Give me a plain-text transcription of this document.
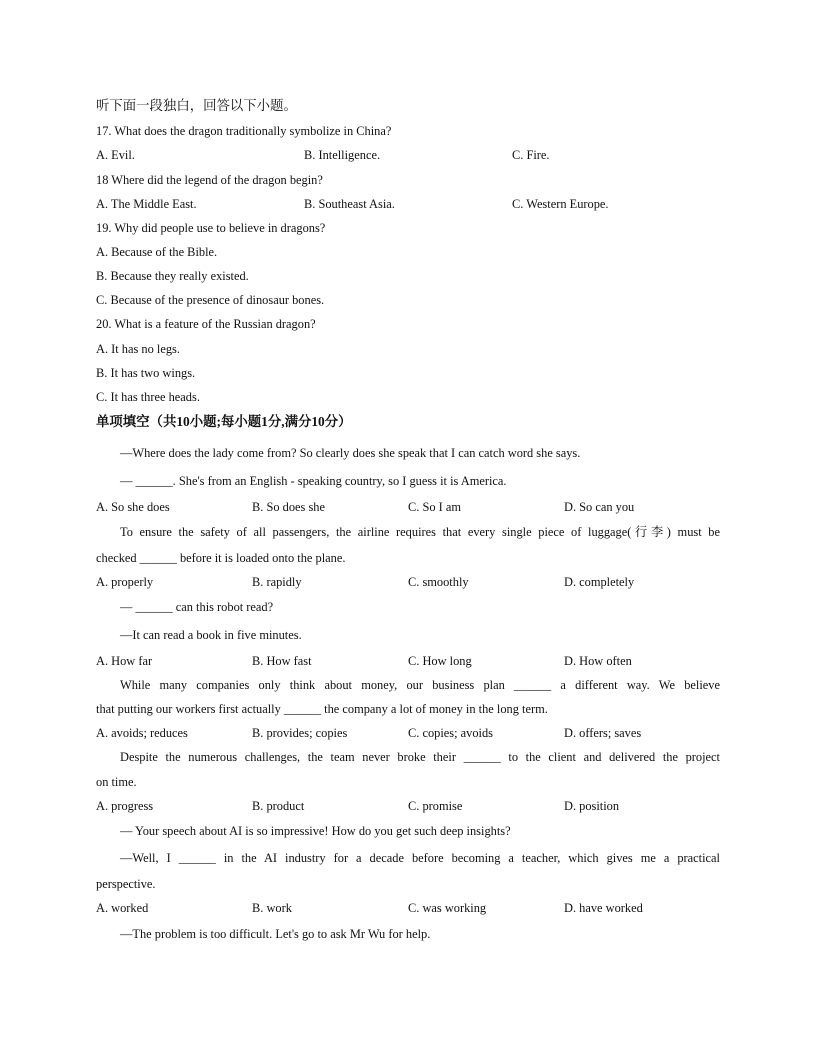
听下面一段独白，回答以下小题。
17. What does the dragon traditionally symbolize in China?
A. Evil.	B. Intelligence.	C. Fire.
18 Where did the legend of the dragon begin?
A. The Middle East.	B. Southeast Asia.	C. Western Europe.
19. Why did people use to believe in dragons?
A. Because of the Bible.
B. Because they really existed.
C. Because of the presence of dinosaur bones.
20. What is a feature of the Russian dragon?
A. It has no legs.
B. It has two wings.
C. It has three heads.
单项填空（共10小题;每小题1分,满分10分）
—Where does the lady come from? So clearly does she speak that I can catch word she says.
— ______. She's from an English - speaking country, so I guess it is America.
A. So she does	B. So does she	C. So I am	D. So can you
To ensure the safety of all passengers, the airline requires that every single piece of luggage(行李) must be
checked ______ before it is loaded onto the plane.
A. properly	B. rapidly	C. smoothly	D. completely
— ______ can this robot read?
—It can read a book in five minutes.
A. How far	B. How fast	C. How long	D. How often
While many companies only think about money, our business plan ______ a different way. We believe
that putting our workers first actually ______ the company a lot of money in the long term.
A. avoids; reduces	B. provides; copies	C. copies; avoids	D. offers; saves
Despite the numerous challenges, the team never broke their ______ to the client and delivered the project
on time.
A. progress	B. product	C. promise	D. position
— Your speech about AI is so impressive! How do you get such deep insights?
—Well, I ______ in the AI industry for a decade before becoming a teacher, which gives me a practical
perspective.
A. worked	B. work	C. was working	D. have worked
—The problem is too difficult. Let's go to ask Mr Wu for help.
